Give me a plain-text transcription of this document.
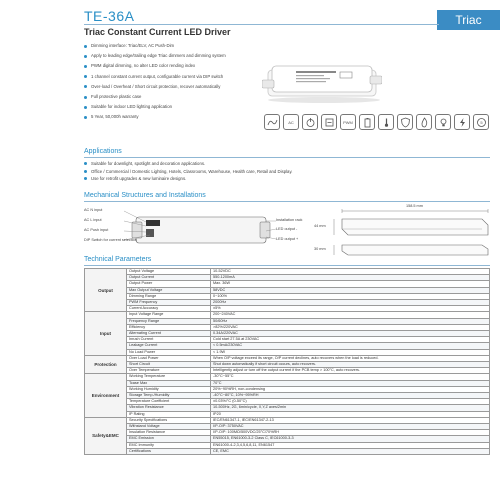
TE-36A
Triac Constant Current LED Driver
Triac
Dimming interface: Triac/ELV, AC Push-Dim
Apply to leading edge/trailing edge Triac dimmers and dimming system
PWM digital dimming, no alter LED color rending index
1 channel constant current output, configurable current via DIP switch
Over-load / Overheat / Short circuit protection, recover automatically
Full protective plastic case
Suitable for indoor LED lighting application
5 Year, 50,000h warranty
AC	PWM	5
Applications
Suitable for downlight, spotlight and decoration applications.
Office / Commercial / Domestic Lighting, Hotels, Classrooms, Warehouse, Health care, Retail and Display.
Use for retrofit upgrades & new luminaire designs.
Mechanical Structures and Installations
AC N input
AC L input
AC Push input
DIP Switch for current selection
Installation rack
LED output -
LED output +
158.5 mm
44 mm
30 mm
Technical Parameters
Output	Output Voltage	10-52VDC
	Output Current	550-1200mA
	Output Power	Max. 36W
	Max Output Voltage	58VDC
	Dimming Range	0~100%
	PWM Frequency	2000Hz
	Current Accuracy	±5%
Input	Input Voltage Range	200~240VAC
	Frequency Range	50/60Hz
	Efficiency	>82%/220VAC
	Alternating Current	0.34A/220VAC
	Inrush Current	Cold start 27.5A at 230VAC
	Leakage Current	< 0.5mA/230VAC
	No Load Power	< 1.9W
Protection	Over Load Power	When O/P voltage exceed its range, O/P current declines, auto recovers when the load is reduced.
	Short Circuit	Shut down automatically if short circuit occurs, auto recovers.
	Over Temperature	Intelligently adjust or turn off the output current if the PCB temp > 100°C, auto recovers.
Environment	Working Temperature	-30°C~55°C
	Tcase Max	70°C
	Working Humidity	20%~90%RH, non-condensing
	Storage Temp./Humidity	-40°C~80°C, 10%~95%RH
	Temperature Coefficient	±0.03%/°C (0-50°C)
	Vibration Resistance	10-500Hz, 2G, 6min/cycle, X,Y,Z axes/2min
	IP Rating	IP20
Safety&EMC	Security Specifications	IEC/EN61347-1, IEC/EN61347-2-13
	Withstand Voltage	I/P-O/P: 3750VAC
	Insulation Resistance	I/P-O/P: 100MΩ/500VDC/25°C/70%RH
	EMC Emission	EN55015, EN61000-3-2 Class C, IEC61000-3-3
	EMC Immunity	EN61000-4-2,3,4,5,6,8,11, EN61547
	Certifications	CE, EMC
